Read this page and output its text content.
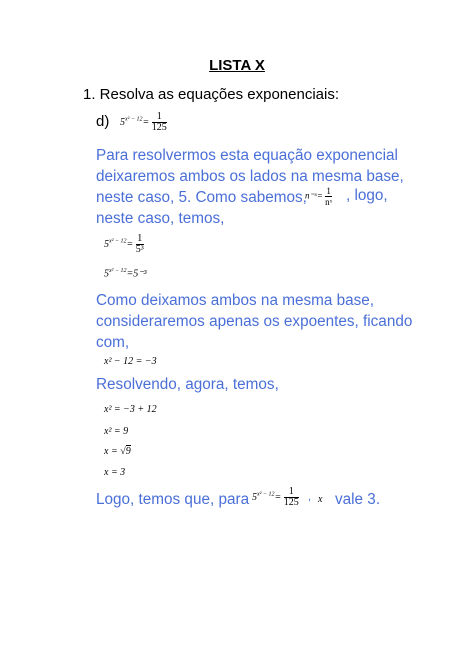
LISTA X
1. Resolva as equações exponenciais:
d) $5^{x^2 - 12}= \frac{1}{125}$
Para resolvermos esta equação exponencial
deixaremos ambos os lados na mesma base,
neste caso, 5. Como sabemos,
neste caso, temos,
, logo,
n⁻ˣ= $\frac{1}{\text{nˣ}}$
$5^{x^2 - 12}= \frac{1}{\text{5³}}$
$5^{x^2 - 12}=5^{-3}$
Como deixamos ambos na mesma base,
consideraremos apenas os expoentes, ficando
com,
x² − 12 = −3
Resolvendo, agora, temos,
x² = −3 + 12
x² = 9
x = √9
x = 3
Logo, temos que, para $5^{x^2 - 12}= \frac{1}{125}$ , x vale 3.
